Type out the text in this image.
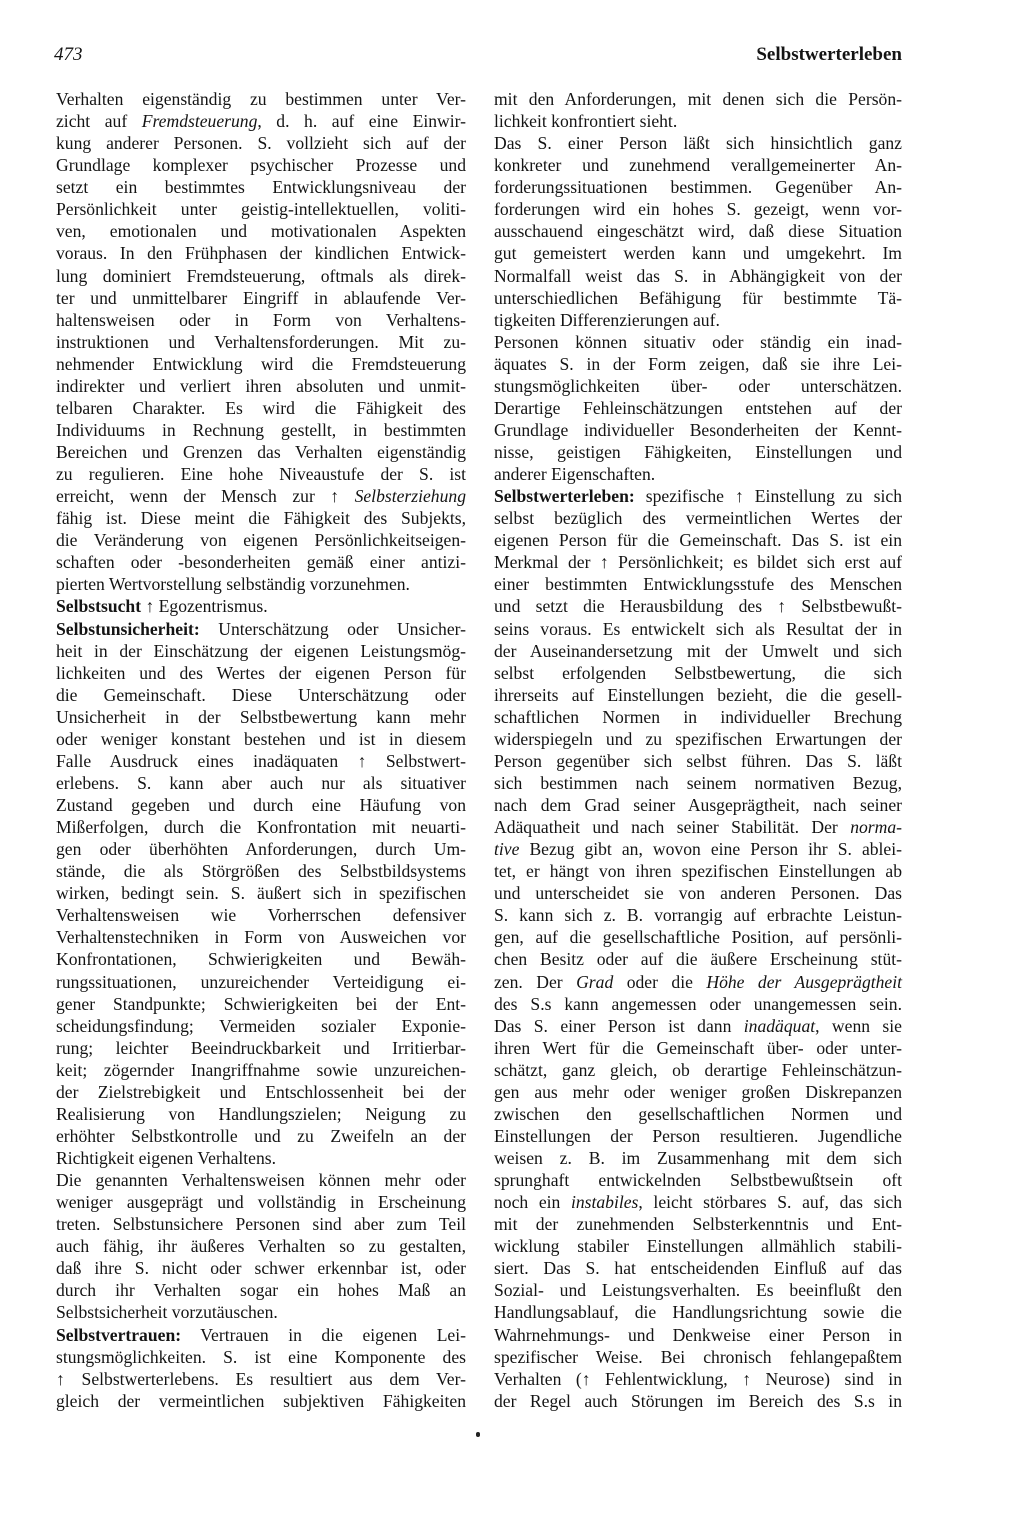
473	Selbstwerterleben
Verhalten eigenständig zu bestimmen unter Ver-
zicht auf Fremdsteuerung, d. h. auf eine Einwir-
kung anderer Personen. S. vollzieht sich auf der
Grundlage komplexer psychischer Prozesse und
setzt ein bestimmtes Entwicklungsniveau der
Persönlichkeit unter geistig-intellektuellen, voliti-
ven, emotionalen und motivationalen Aspekten
voraus. In den Frühphasen der kindlichen Entwick-
lung dominiert Fremdsteuerung, oftmals als direk-
ter und unmittelbarer Eingriff in ablaufende Ver-
haltensweisen oder in Form von Verhaltens-
instruktionen und Verhaltensforderungen. Mit zu-
nehmender Entwicklung wird die Fremdsteuerung
indirekter und verliert ihren absoluten und unmit-
telbaren Charakter. Es wird die Fähigkeit des
Individuums in Rechnung gestellt, in bestimmten
Bereichen und Grenzen das Verhalten eigenständig
zu regulieren. Eine hohe Niveaustufe der S. ist
erreicht, wenn der Mensch zur ↑ Selbsterziehung
fähig ist. Diese meint die Fähigkeit des Subjekts,
die Veränderung von eigenen Persönlichkeitseigen-
schaften oder -besonderheiten gemäß einer antizi-
pierten Wertvorstellung selbständig vorzunehmen.
Selbstsucht ↑ Egozentrismus.
Selbstunsicherheit: Unterschätzung oder Unsicher-
heit in der Einschätzung der eigenen Leistungsmög-
lichkeiten und des Wertes der eigenen Person für
die Gemeinschaft. Diese Unterschätzung oder
Unsicherheit in der Selbstbewertung kann mehr
oder weniger konstant bestehen und ist in diesem
Falle Ausdruck eines inadäquaten ↑ Selbstwert-
erlebens. S. kann aber auch nur als situativer
Zustand gegeben und durch eine Häufung von
Mißerfolgen, durch die Konfrontation mit neuarti-
gen oder überhöhten Anforderungen, durch Um-
stände, die als Störgrößen des Selbstbildsystems
wirken, bedingt sein. S. äußert sich in spezifischen
Verhaltensweisen wie Vorherrschen defensiver
Verhaltenstechniken in Form von Ausweichen vor
Konfrontationen, Schwierigkeiten und Bewäh-
rungssituationen, unzureichender Verteidigung ei-
gener Standpunkte; Schwierigkeiten bei der Ent-
scheidungsfindung; Vermeiden sozialer Exponie-
rung; leichter Beeindruckbarkeit und Irritierbar-
keit; zögernder Inangriffnahme sowie unzureichen-
der Zielstrebigkeit und Entschlossenheit bei der
Realisierung von Handlungszielen; Neigung zu
erhöhter Selbstkontrolle und zu Zweifeln an der
Richtigkeit eigenen Verhaltens.
Die genannten Verhaltensweisen können mehr oder
weniger ausgeprägt und vollständig in Erscheinung
treten. Selbstunsichere Personen sind aber zum Teil
auch fähig, ihr äußeres Verhalten so zu gestalten,
daß ihre S. nicht oder schwer erkennbar ist, oder
durch ihr Verhalten sogar ein hohes Maß an
Selbstsicherheit vorzutäuschen.
Selbstvertrauen: Vertrauen in die eigenen Lei-
stungsmöglichkeiten. S. ist eine Komponente des
↑ Selbstwerterlebens. Es resultiert aus dem Ver-
gleich der vermeintlichen subjektiven Fähigkeiten
mit den Anforderungen, mit denen sich die Persön-
lichkeit konfrontiert sieht.
Das S. einer Person läßt sich hinsichtlich ganz
konkreter und zunehmend verallgemeinerter An-
forderungssituationen bestimmen. Gegenüber An-
forderungen wird ein hohes S. gezeigt, wenn vor-
ausschauend eingeschätzt wird, daß diese Situation
gut gemeistert werden kann und umgekehrt. Im
Normalfall weist das S. in Abhängigkeit von der
unterschiedlichen Befähigung für bestimmte Tä-
tigkeiten Differenzierungen auf.
Personen können situativ oder ständig ein inad-
äquates S. in der Form zeigen, daß sie ihre Lei-
stungsmöglichkeiten über- oder unterschätzen.
Derartige Fehleinschätzungen entstehen auf der
Grundlage individueller Besonderheiten der Kennt-
nisse, geistigen Fähigkeiten, Einstellungen und
anderer Eigenschaften.
Selbstwerterleben: spezifische ↑ Einstellung zu sich
selbst bezüglich des vermeintlichen Wertes der
eigenen Person für die Gemeinschaft. Das S. ist ein
Merkmal der ↑ Persönlichkeit; es bildet sich erst auf
einer bestimmten Entwicklungsstufe des Menschen
und setzt die Herausbildung des ↑ Selbstbewußt-
seins voraus. Es entwickelt sich als Resultat der in
der Auseinandersetzung mit der Umwelt und sich
selbst erfolgenden Selbstbewertung, die sich
ihrerseits auf Einstellungen bezieht, die die gesell-
schaftlichen Normen in individueller Brechung
widerspiegeln und zu spezifischen Erwartungen der
Person gegenüber sich selbst führen. Das S. läßt
sich bestimmen nach seinem normativen Bezug,
nach dem Grad seiner Ausgeprägtheit, nach seiner
Adäquatheit und nach seiner Stabilität. Der norma-
tive Bezug gibt an, wovon eine Person ihr S. ablei-
tet, er hängt von ihren spezifischen Einstellungen ab
und unterscheidet sie von anderen Personen. Das
S. kann sich z. B. vorrangig auf erbrachte Leistun-
gen, auf die gesellschaftliche Position, auf persönli-
chen Besitz oder auf die äußere Erscheinung stüt-
zen. Der Grad oder die Höhe der Ausgeprägtheit
des S.s kann angemessen oder unangemessen sein.
Das S. einer Person ist dann inadäquat, wenn sie
ihren Wert für die Gemeinschaft über- oder unter-
schätzt, ganz gleich, ob derartige Fehleinschätzun-
gen aus mehr oder weniger großen Diskrepanzen
zwischen den gesellschaftlichen Normen und
Einstellungen der Person resultieren. Jugendliche
weisen z. B. im Zusammenhang mit dem sich
sprunghaft entwickelnden Selbstbewußtsein oft
noch ein instabiles, leicht störbares S. auf, das sich
mit der zunehmenden Selbsterkenntnis und Ent-
wicklung stabiler Einstellungen allmählich stabili-
siert. Das S. hat entscheidenden Einfluß auf das
Sozial- und Leistungsverhalten. Es beeinflußt den
Handlungsablauf, die Handlungsrichtung sowie die
Wahrnehmungs- und Denkweise einer Person in
spezifischer Weise. Bei chronisch fehlangepaßtem
Verhalten (↑ Fehlentwicklung, ↑ Neurose) sind in
der Regel auch Störungen im Bereich des S.s in
